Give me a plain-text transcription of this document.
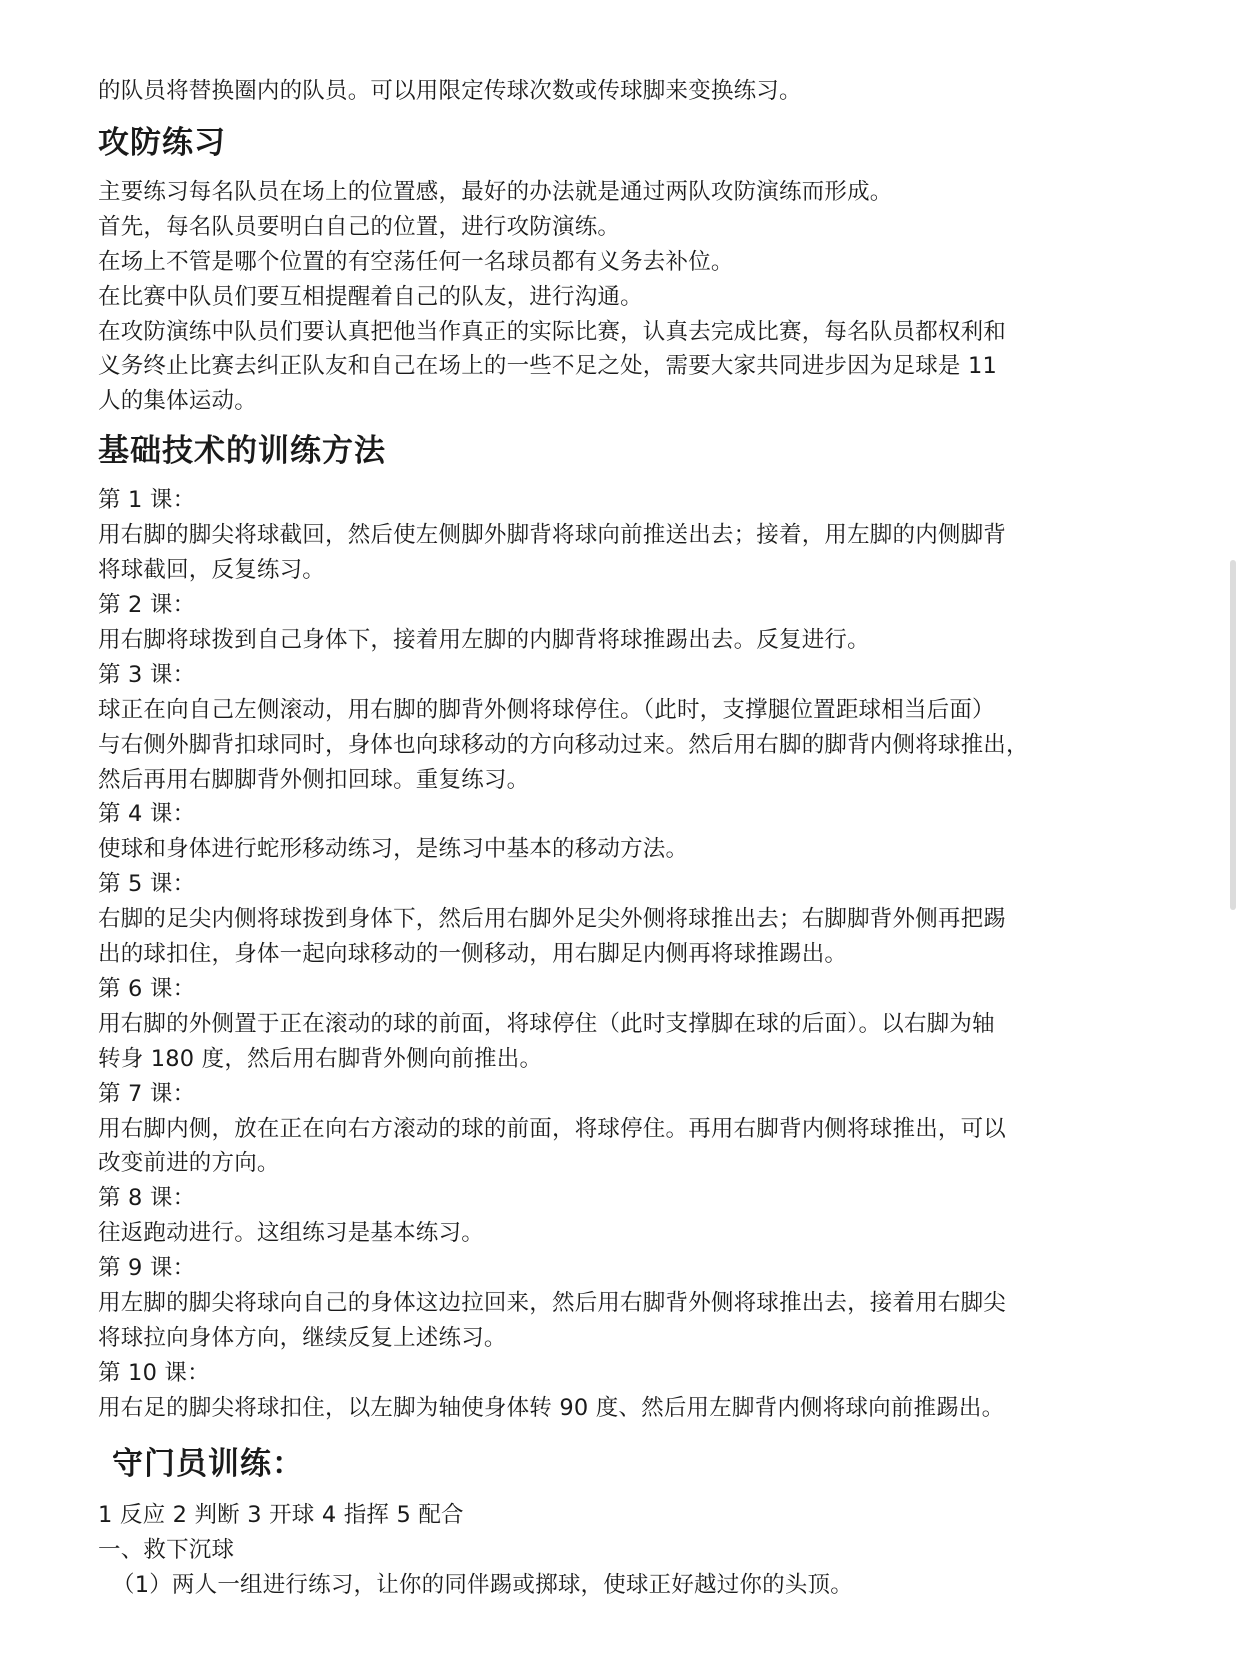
的队员将替换圈内的队员。可以用限定传球次数或传球脚来变换练习。

攻防练习

主要练习每名队员在场上的位置感，最好的办法就是通过两队攻防演练而形成。

首先，每名队员要明白自己的位置，进行攻防演练。

在场上不管是哪个位置的有空荡任何一名球员都有义务去补位。

在比赛中队员们要互相提醒着自己的队友，进行沟通。

在攻防演练中队员们要认真把他当作真正的实际比赛，认真去完成比赛，每名队员都权利和

义务终止比赛去纠正队友和自己在场上的一些不足之处，需要大家共同进步因为足球是 11

人的集体运动。

基础技术的训练方法

第 1 课：

用右脚的脚尖将球截回，然后使左侧脚外脚背将球向前推送出去；接着，用左脚的内侧脚背

将球截回，反复练习。

第 2 课：

用右脚将球拨到自己身体下，接着用左脚的内脚背将球推踢出去。反复进行。

第 3 课：

球正在向自己左侧滚动，用右脚的脚背外侧将球停住。（此时，支撑腿位置距球相当后面）

与右侧外脚背扣球同时，身体也向球移动的方向移动过来。然后用右脚的脚背内侧将球推出，

然后再用右脚脚背外侧扣回球。重复练习。

第 4 课：

使球和身体进行蛇形移动练习，是练习中基本的移动方法。

第 5 课：

右脚的足尖内侧将球拨到身体下，然后用右脚外足尖外侧将球推出去；右脚脚背外侧再把踢

出的球扣住，身体一起向球移动的一侧移动，用右脚足内侧再将球推踢出。

第 6 课：

用右脚的外侧置于正在滚动的球的前面，将球停住（此时支撑脚在球的后面）。以右脚为轴

转身 180 度，然后用右脚背外侧向前推出。

第 7 课：

用右脚内侧，放在正在向右方滚动的球的前面，将球停住。再用右脚背内侧将球推出，可以

改变前进的方向。

第 8 课：

往返跑动进行。这组练习是基本练习。

第 9 课：

用左脚的脚尖将球向自己的身体这边拉回来，然后用右脚背外侧将球推出去，接着用右脚尖

将球拉向身体方向，继续反复上述练习。

第 10 课：

用右足的脚尖将球扣住，以左脚为轴使身体转 90 度、然后用左脚背内侧将球向前推踢出。

守门员训练：

1 反应 2 判断 3 开球 4 指挥 5 配合

一、救下沉球

（1）两人一组进行练习，让你的同伴踢或掷球，使球正好越过你的头顶。
